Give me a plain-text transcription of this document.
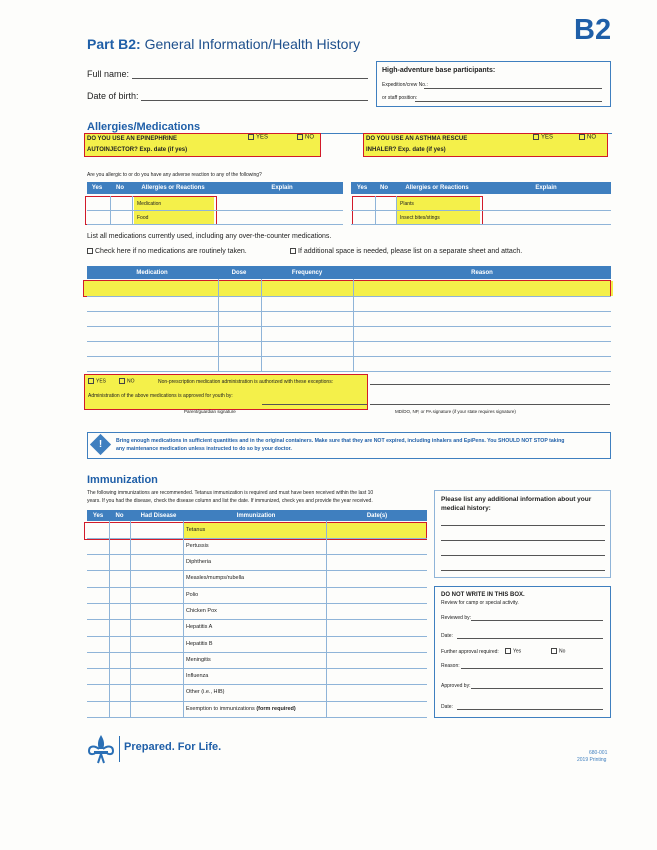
Part B2: General Information/Health History	B2
Full name:
Date of birth:
High-adventure base participants:
Expedition/crew No.:
or staff position:
Allergies/Medications
DO YOU USE AN EPINEPHRINE
AUTOINJECTOR? Exp. date (if yes)
YES	NO	DO YOU USE AN ASTHMA RESCUE
INHALER? Exp. date (if yes)
YES	NO
Are you allergic to or do you have any adverse reaction to any of the following?
Yes	No	Allergies or Reactions	Explain	Yes	No	Allergies or Reactions	Explain
Medication
Food
Plants
Insect bites/stings
List all medications currently used, including any over-the-counter medications.
Check here if no medications are routinely taken.	If additional space is needed, please list on a separate sheet and attach.
Medication	Dose	Frequency	Reason
YES	NO	Non-prescription medication administration is authorized with these exceptions:
Administration of the above medications is approved for youth by:
Parent/guardian signature	MD/DO, NP, or PA signature (if your state requires signature)
!	Bring enough medications in sufficient quantities and in the original containers. Make sure that they are NOT expired, including inhalers and EpiPens. You SHOULD NOT STOP taking
any maintenance medication unless instructed to do so by your doctor.
Immunization
The following immunizations are recommended. Tetanus immunization is required and must have been received within the last 10
years. If you had the disease, check the disease column and list the date. If immunized, check yes and provide the year received.
Yes	No	Had Disease	Immunization	Date(s)
Tetanus
Pertussis
Diphtheria
Measles/mumps/rubella
Polio
Chicken Pox
Hepatitis A
Hepatitis B
Meningitis
Influenza
Other (i.e., HIB)
Exemption to immunizations (form required)
Please list any additional information about your
medical history:
DO NOT WRITE IN THIS BOX.
Review for camp or special activity.
Reviewed by:
Date:
Further approval required:	Yes	No
Reason:
Approved by:
Date:
Prepared. For Life.	680-001
2019 Printing
